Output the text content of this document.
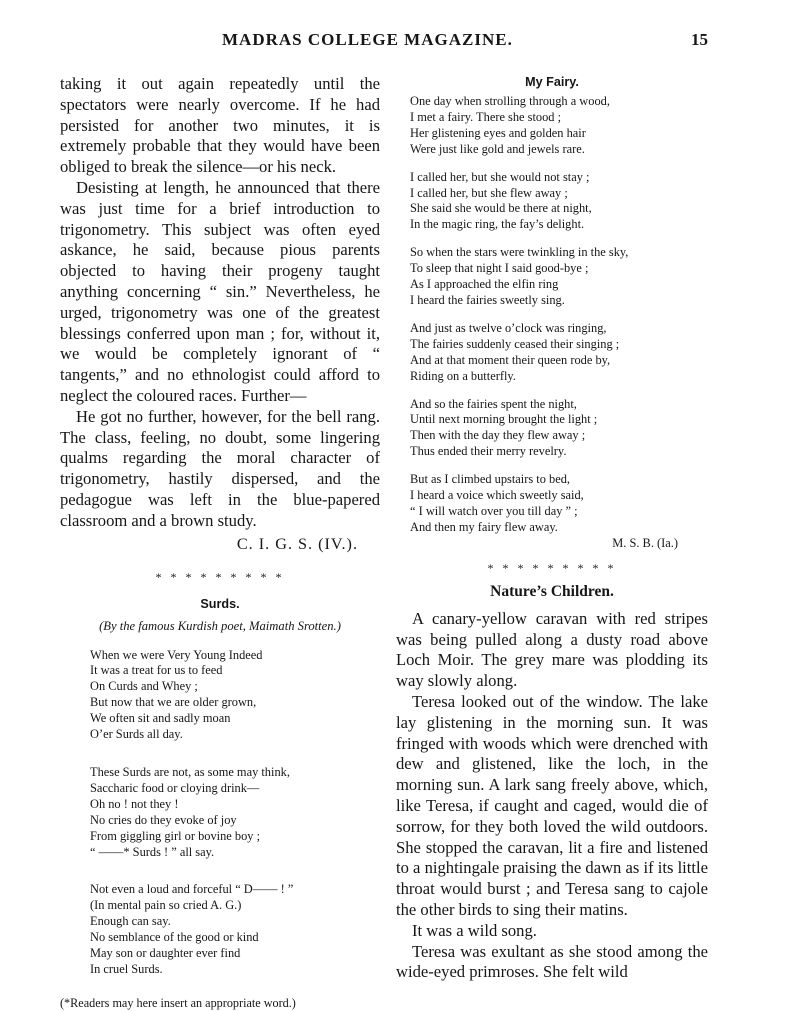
MADRAS COLLEGE MAGAZINE.	15

taking it out again repeatedly until the spectators were nearly overcome. If he had persisted for another two minutes, it is extremely probable that they would have been obliged to break the silence—or his neck.

Desisting at length, he announced that there was just time for a brief introduction to trigonometry. This subject was often eyed askance, he said, because pious parents objected to having their progeny taught anything concerning “ sin.” Nevertheless, he urged, trigonometry was one of the greatest blessings conferred upon man ; for, without it, we would be completely ignorant of “ tangents,” and no ethnologist could afford to neglect the coloured races. Further—

He got no further, however, for the bell rang. The class, feeling, no doubt, some lingering qualms regarding the moral character of trigonometry, hastily dispersed, and the pedagogue was left in the blue-papered classroom and a brown study.

C. I. G. S. (IV.).

* * * * * * * * *

Surds.

(By the famous Kurdish poet, Maimath Srotten.)

When we were Very Young Indeed
It was a treat for us to feed
On Curds and Whey ;
But now that we are older grown,
We often sit and sadly moan
O’er Surds all day.
These Surds are not, as some may think,
Saccharic food or cloying drink—
Oh no ! not they !
No cries do they evoke of joy
From giggling girl or bovine boy ;
“ ——* Surds ! ” all say.
Not even a loud and forceful “ D—— ! ”
(In mental pain so cried A. G.)
Enough can say.
No semblance of the good or kind
May son or daughter ever find
In cruel Surds.

(*Readers may here insert an appropriate word.)

My Fairy.

One day when strolling through a wood,
I met a fairy. There she stood ;
Her glistening eyes and golden hair
Were just like gold and jewels rare.
I called her, but she would not stay ;
I called her, but she flew away ;
She said she would be there at night,
In the magic ring, the fay’s delight.
So when the stars were twinkling in the sky,
To sleep that night I said good-bye ;
As I approached the elfin ring
I heard the fairies sweetly sing.
And just as twelve o’clock was ringing,
The fairies suddenly ceased their singing ;
And at that moment their queen rode by,
Riding on a butterfly.
And so the fairies spent the night,
Until next morning brought the light ;
Then with the day they flew away ;
Thus ended their merry revelry.
But as I climbed upstairs to bed,
I heard a voice which sweetly said,
“ I will watch over you till day ” ;
And then my fairy flew away.

M. S. B. (Ia.)

* * * * * * * * *

Nature’s Children.

A canary-yellow caravan with red stripes was being pulled along a dusty road above Loch Moir. The grey mare was plodding its way slowly along.

Teresa looked out of the window. The lake lay glistening in the morning sun. It was fringed with woods which were drenched with dew and glistened, like the loch, in the morning sun. A lark sang freely above, which, like Teresa, if caught and caged, would die of sorrow, for they both loved the wild outdoors. She stopped the caravan, lit a fire and listened to a nightingale praising the dawn as if its little throat would burst ; and Teresa sang to cajole the other birds to sing their matins.

It was a wild song.

Teresa was exultant as she stood among the wide-eyed primroses. She felt wild
